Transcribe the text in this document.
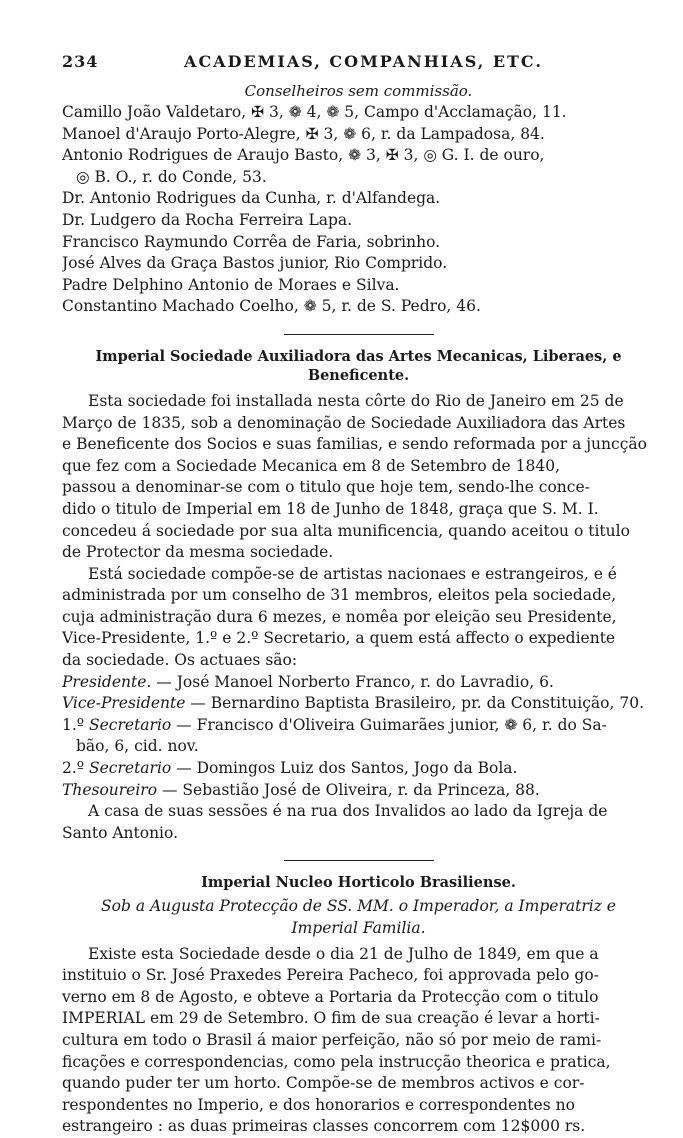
234	ACADEMIAS, COMPANHIAS, ETC.
Conselheiros sem commissão.
Camillo João Valdetaro, ✠ 3, ❁ 4, ❁ 5, Campo d'Acclamação, 11.
Manoel d'Araujo Porto-Alegre, ✠ 3, ❁ 6, r. da Lampadosa, 84.
Antonio Rodrigues de Araujo Basto, ❁ 3, ✠ 3, ◎ G. I. de ouro,
◎ B. O., r. do Conde, 53.
Dr. Antonio Rodrigues da Cunha, r. d'Alfandega.
Dr. Ludgero da Rocha Ferreira Lapa.
Francisco Raymundo Corrêa de Faria, sobrinho.
José Alves da Graça Bastos junior, Rio Comprido.
Padre Delphino Antonio de Moraes e Silva.
Constantino Machado Coelho, ❁ 5, r. de S. Pedro, 46.
Imperial Sociedade Auxiliadora das Artes Mecanicas, Liberaes, e
Beneficente.
Esta sociedade foi installada nesta côrte do Rio de Janeiro em 25 de
Março de 1835, sob a denominação de Sociedade Auxiliadora das Artes
e Beneficente dos Socios e suas familias, e sendo reformada por a juncção
que fez com a Sociedade Mecanica em 8 de Setembro de 1840,
passou a denominar-se com o titulo que hoje tem, sendo-lhe conce-
dido o titulo de Imperial em 18 de Junho de 1848, graça que S. M. I.
concedeu á sociedade por sua alta munificencia, quando aceitou o titulo
de Protector da mesma sociedade.
Está sociedade compõe-se de artistas nacionaes e estrangeiros, e é
administrada por um conselho de 31 membros, eleitos pela sociedade,
cuja administração dura 6 mezes, e nomêa por eleição seu Presidente,
Vice-Presidente, 1.º e 2.º Secretario, a quem está affecto o expediente
da sociedade. Os actuaes são:
Presidente. — José Manoel Norberto Franco, r. do Lavradio, 6.
Vice-Presidente — Bernardino Baptista Brasileiro, pr. da Constituição, 70.
1.º Secretario — Francisco d'Oliveira Guimarães junior, ❁ 6, r. do Sa-
bão, 6, cid. nov.
2.º Secretario — Domingos Luiz dos Santos, Jogo da Bola.
Thesoureiro — Sebastião José de Oliveira, r. da Princeza, 88.
A casa de suas sessões é na rua dos Invalidos ao lado da Igreja de
Santo Antonio.
Imperial Nucleo Horticolo Brasiliense.
Sob a Augusta Protecção de SS. MM. o Imperador, a Imperatriz e
Imperial Familia.
Existe esta Sociedade desde o dia 21 de Julho de 1849, em que a
instituio o Sr. José Praxedes Pereira Pacheco, foi approvada pelo go-
verno em 8 de Agosto, e obteve a Portaria da Protecção com o titulo
IMPERIAL em 29 de Setembro. O fim de sua creação é levar a horti-
cultura em todo o Brasil á maior perfeição, não só por meio de rami-
ficações e correspondencias, como pela instrucção theorica e pratica,
quando puder ter um horto. Compõe-se de membros activos e cor-
respondentes no Imperio, e dos honorarios e correspondentes no
estrangeiro : as duas primeiras classes concorrem com 12$000 rs.
